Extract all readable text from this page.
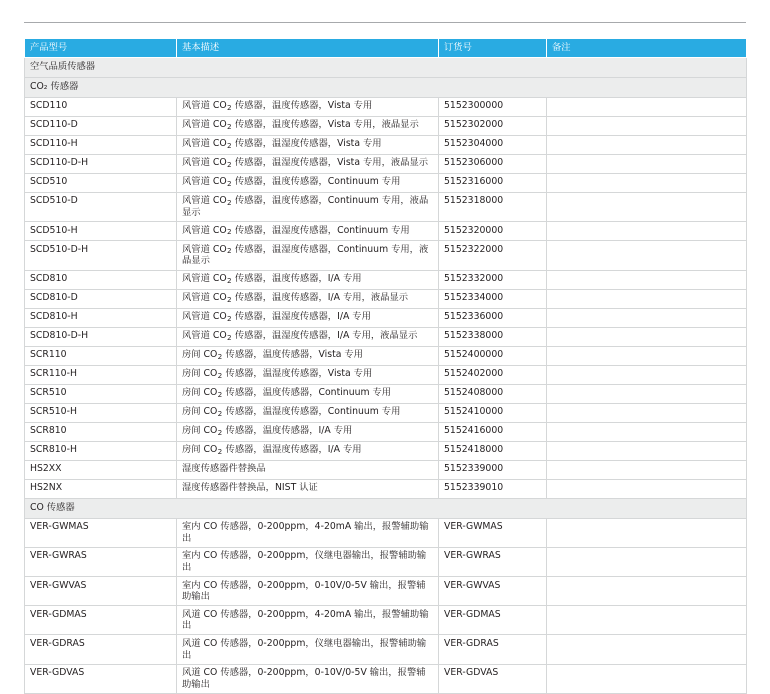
产品型号	基本描述	订货号	备注
空气品质传感器			
CO₂ 传感器			
SCD110	风管道 $CO_2$ 传感器，温度传感器，Vista 专用	5152300000	
SCD110-D	风管道 $CO_2$ 传感器，温度传感器，Vista 专用，液晶显示	5152302000	
SCD110-H	风管道 $CO_2$ 传感器，温湿度传感器，Vista 专用	5152304000	
SCD110-D-H	风管道 $CO_2$ 传感器，温湿度传感器，Vista 专用，液晶显示	5152306000	
SCD510	风管道 $CO_2$ 传感器，温度传感器，Continuum 专用	5152316000	
SCD510-D	风管道 $CO_2$ 传感器，温度传感器，Continuum 专用，液晶显示	5152318000	
SCD510-H	风管道 $CO_2$ 传感器，温湿度传感器，Continuum 专用	5152320000	
SCD510-D-H	风管道 $CO_2$ 传感器，温湿度传感器，Continuum 专用，液晶显示	5152322000	
SCD810	风管道 $CO_2$ 传感器，温度传感器，I/A 专用	5152332000	
SCD810-D	风管道 $CO_2$ 传感器，温度传感器，I/A 专用，液晶显示	5152334000	
SCD810-H	风管道 $CO_2$ 传感器，温湿度传感器，I/A 专用	5152336000	
SCD810-D-H	风管道 $CO_2$ 传感器，温湿度传感器，I/A 专用，液晶显示	5152338000	
SCR110	房间 $CO_2$ 传感器，温度传感器，Vista 专用	5152400000	
SCR110-H	房间 $CO_2$ 传感器，温湿度传感器，Vista 专用	5152402000	
SCR510	房间 $CO_2$ 传感器，温度传感器，Continuum 专用	5152408000	
SCR510-H	房间 $CO_2$ 传感器，温湿度传感器，Continuum 专用	5152410000	
SCR810	房间 $CO_2$ 传感器，温度传感器，I/A 专用	5152416000	
SCR810-H	房间 $CO_2$ 传感器，温湿度传感器，I/A 专用	5152418000	
HS2XX	湿度传感器件替换品	5152339000	
HS2NX	湿度传感器件替换品，NIST 认证	5152339010	
CO 传感器			
VER-GWMAS	室内 CO 传感器，0-200ppm，4-20mA 输出，报警辅助输出	VER-GWMAS	
VER-GWRAS	室内 CO 传感器，0-200ppm，仪继电器输出，报警辅助输出	VER-GWRAS	
VER-GWVAS	室内 CO 传感器，0-200ppm，0-10V/0-5V 输出，报警辅助输出	VER-GWVAS	
VER-GDMAS	风道 CO 传感器，0-200ppm，4-20mA 输出，报警辅助输出	VER-GDMAS	
VER-GDRAS	风道 CO 传感器，0-200ppm，仪继电器输出，报警辅助输出	VER-GDRAS	
VER-GDVAS	风道 CO 传感器，0-200ppm，0-10V/0-5V 输出，报警辅助输出	VER-GDVAS	
